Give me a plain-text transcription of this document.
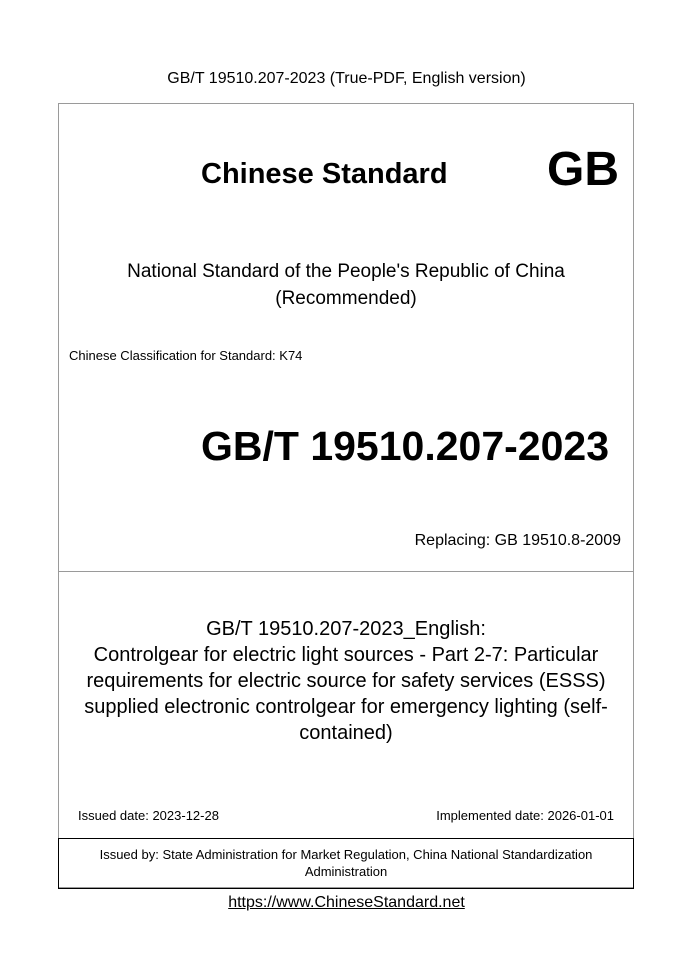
GB/T 19510.207-2023 (True-PDF, English version)
Chinese Standard GB
National Standard of the People's Republic of China
(Recommended)
Chinese Classification for Standard: K74
GB/T 19510.207-2023
Replacing: GB 19510.8-2009
GB/T 19510.207-2023_English:
Controlgear for electric light sources - Part 2-7: Particular
requirements for electric source for safety services (ESSS)
supplied electronic controlgear for emergency lighting (self-
contained)
Issued date: 2023-12-28	Implemented date: 2026-01-01
Issued by: State Administration for Market Regulation, China National Standardization
Administration
https://www.ChineseStandard.net
